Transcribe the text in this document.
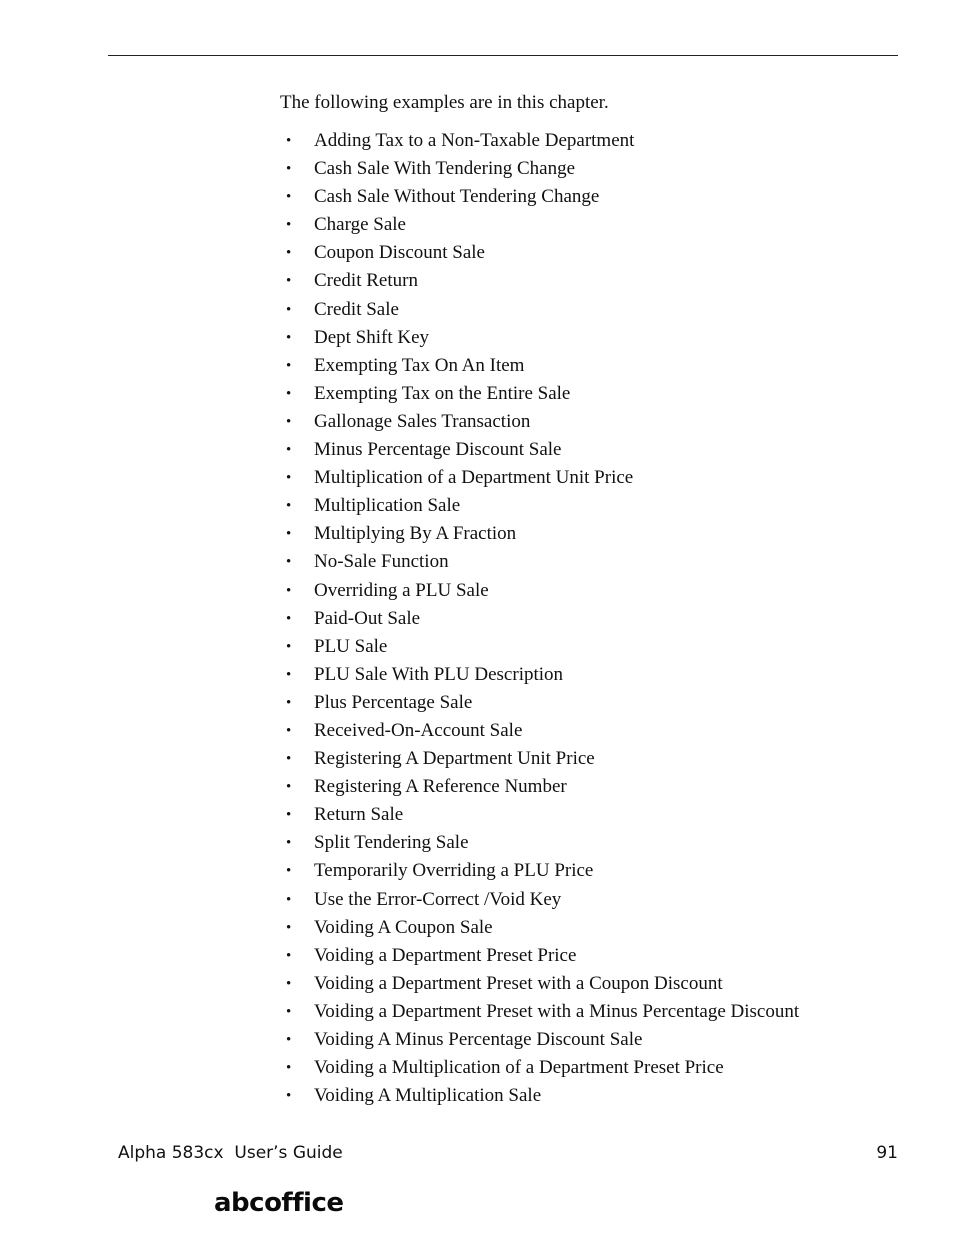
The following examples are in this chapter.

• Adding Tax to a Non-Taxable Department
• Cash Sale With Tendering Change
• Cash Sale Without Tendering Change
• Charge Sale
• Coupon Discount Sale
• Credit Return
• Credit Sale
• Dept Shift Key
• Exempting Tax On An Item
• Exempting Tax on the Entire Sale
• Gallonage Sales Transaction
• Minus Percentage Discount Sale
• Multiplication of a Department Unit Price
• Multiplication Sale
• Multiplying By A Fraction
• No-Sale Function
• Overriding a PLU Sale
• Paid-Out Sale
• PLU Sale
• PLU Sale With PLU Description
• Plus Percentage Sale
• Received-On-Account Sale
• Registering A Department Unit Price
• Registering A Reference Number
• Return Sale
• Split Tendering Sale
• Temporarily Overriding a PLU Price
• Use the Error-Correct /Void Key
• Voiding A Coupon Sale
• Voiding a Department Preset Price
• Voiding a Department Preset with a Coupon Discount
• Voiding a Department Preset with a Minus Percentage Discount
• Voiding A Minus Percentage Discount Sale
• Voiding a Multiplication of a Department Preset Price
• Voiding A Multiplication Sale
Alpha 583cx  User’s Guide	91
abcoffice
